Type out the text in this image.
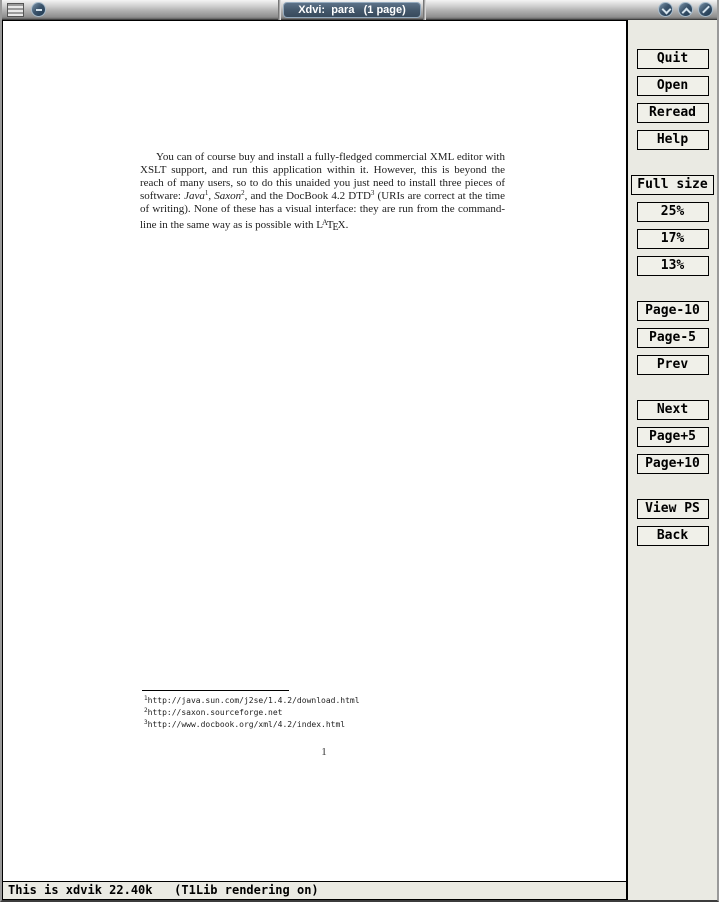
Xdvi:  para   (1 page)
You can of course buy and install a fully-fledged commercial XML editor with XSLT support, and run this application within it. However, this is beyond the reach of many users, so to do this unaided you just need to install three pieces of software: Java$^1$, Saxon$^2$, and the DocBook 4.2 DTD$^3$ (URIs are correct at the time of writing). None of these has a visual interface: they are run from the command-line in the same way as is possible with $L^ATEX$.
$^1$http://java.sun.com/j2se/1.4.2/download.html
$^2$http://saxon.sourceforge.net
$^3$http://www.docbook.org/xml/4.2/index.html
1
This is xdvik 22.40k   (T1Lib rendering on)
Quit
Open
Reread
Help
Full size
25%
17%
13%
Page-10
Page-5
Prev
Next
Page+5
Page+10
View PS
Back
